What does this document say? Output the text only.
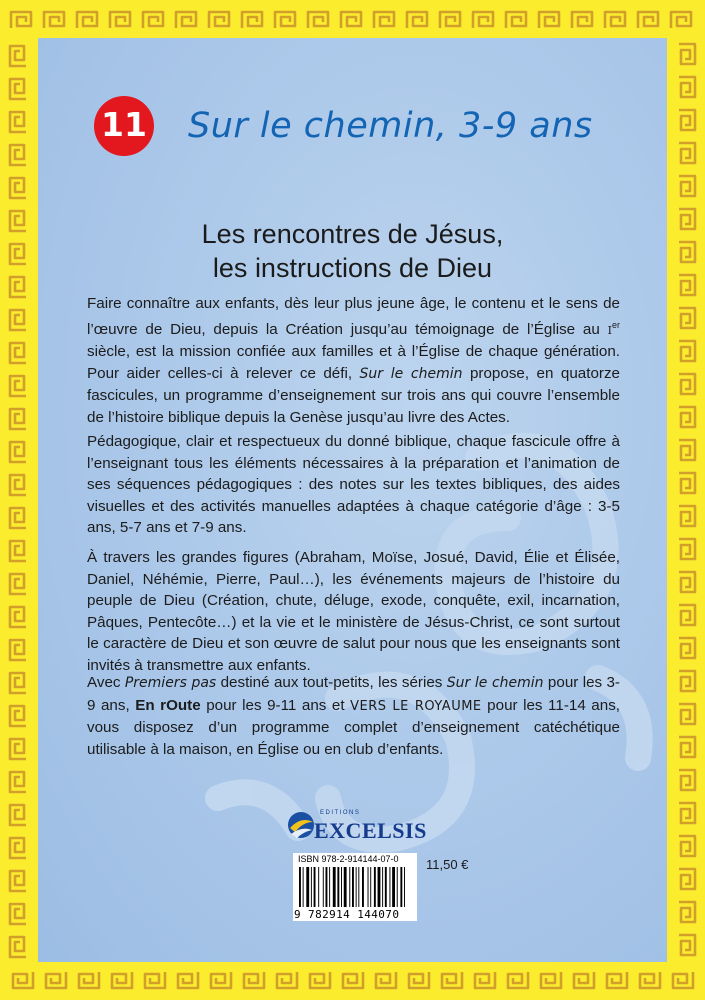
11 Sur le chemin, 3-9 ans
Les rencontres de Jésus,
les instructions de Dieu
Faire connaître aux enfants, dès leur plus jeune âge, le contenu et le sens de l’œuvre de Dieu, depuis la Création jusqu’au témoignage de l’Église au Ier siècle, est la mission confiée aux familles et à l’Église de chaque génération. Pour aider celles-ci à relever ce défi, Sur le chemin propose, en quatorze fascicules, un programme d’enseignement sur trois ans qui couvre l’ensemble de l’histoire biblique depuis la Genèse jusqu’au livre des Actes.
Pédagogique, clair et respectueux du donné biblique, chaque fascicule offre à l’enseignant tous les éléments nécessaires à la préparation et l’animation de ses séquences pédagogiques : des notes sur les textes bibliques, des aides visuelles et des activités manuelles adaptées à chaque catégorie d’âge : 3-5 ans, 5-7 ans et 7-9 ans.
À travers les grandes figures (Abraham, Moïse, Josué, David, Élie et Élisée, Daniel, Néhémie, Pierre, Paul…), les événements majeurs de l’histoire du peuple de Dieu (Création, chute, déluge, exode, conquête, exil, incarnation, Pâques, Pentecôte…) et la vie et le ministère de Jésus-Christ, ce sont surtout le caractère de Dieu et son œuvre de salut pour nous que les enseignants sont invités à transmettre aux enfants.
Avec Premiers pas destiné aux tout-petits, les séries Sur le chemin pour les 3-9 ans, En rOute pour les 9-11 ans et VERS LE ROYAUME pour les 11-14 ans, vous disposez d’un programme complet d’enseignement catéchétique utilisable à la maison, en Église ou en club d’enfants.
EDITIONS
EXCELSIS
ISBN 978-2-914144-07-0
9 782914 144070
11,50 €
